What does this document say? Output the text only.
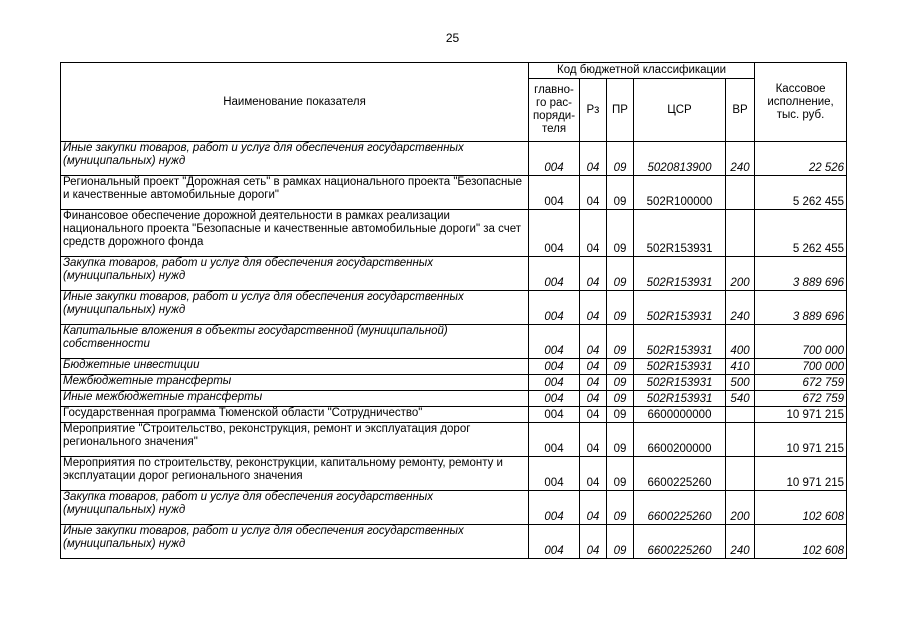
25
Наименование показателя	Код бюджетной классификации					Кассовое исполнение, тыс. руб.
	главно-го рас-поряди-теля	Рз	ПР	ЦСР	ВР	
Иные закупки товаров, работ и услуг для обеспечения государственных (муниципальных) нужд	004	04	09	5020813900	240	22 526
Региональный проект "Дорожная сеть" в рамках национального проекта "Безопасные и качественные автомобильные дороги"	004	04	09	502R100000		5 262 455
Финансовое обеспечение дорожной деятельности в рамках реализации национального проекта "Безопасные и качественные автомобильные дороги" за счет средств дорожного фонда	004	04	09	502R153931		5 262 455
Закупка товаров, работ и услуг для обеспечения государственных (муниципальных) нужд	004	04	09	502R153931	200	3 889 696
Иные закупки товаров, работ и услуг для обеспечения государственных (муниципальных) нужд	004	04	09	502R153931	240	3 889 696
Капитальные вложения в объекты государственной (муниципальной) собственности	004	04	09	502R153931	400	700 000
Бюджетные инвестиции	004	04	09	502R153931	410	700 000
Межбюджетные трансферты	004	04	09	502R153931	500	672 759
Иные межбюджетные трансферты	004	04	09	502R153931	540	672 759
Государственная программа Тюменской области "Сотрудничество"	004	04	09	6600000000		10 971 215
Мероприятие "Строительство, реконструкция, ремонт и эксплуатация дорог регионального значения"	004	04	09	6600200000		10 971 215
Мероприятия по строительству, реконструкции, капитальному ремонту, ремонту и эксплуатации дорог регионального значения	004	04	09	6600225260		10 971 215
Закупка товаров, работ и услуг для обеспечения государственных (муниципальных) нужд	004	04	09	6600225260	200	102 608
Иные закупки товаров, работ и услуг для обеспечения государственных (муниципальных) нужд	004	04	09	6600225260	240	102 608
